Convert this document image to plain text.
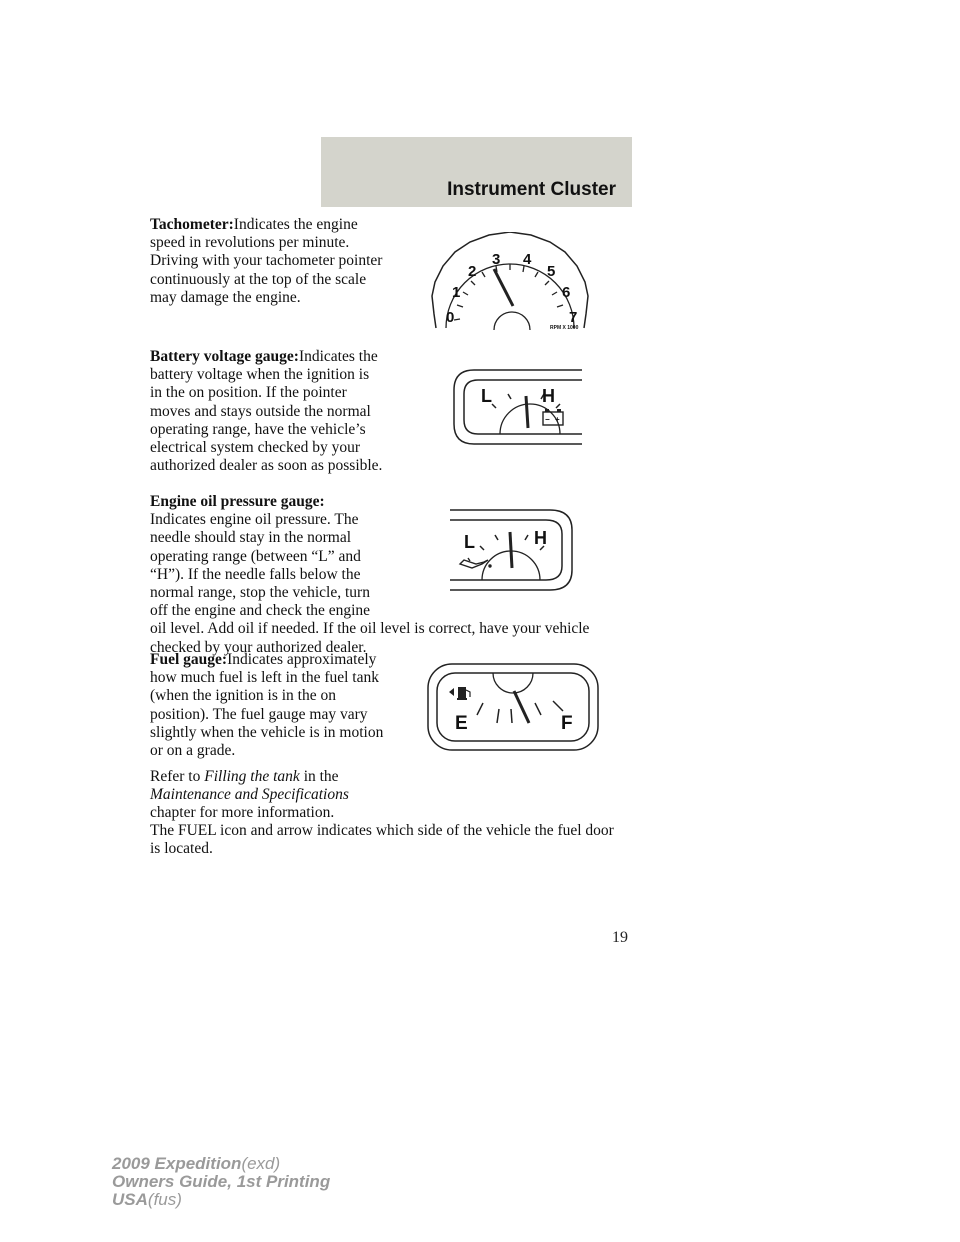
Instrument Cluster

Tachometer:Indicates the engine speed in revolutions per minute. Driving with your tachometer pointer continuously at the top of the scale may damage the engine.

0
1
2
3 4
5
6
7
RPM X 1000

Battery voltage gauge:Indicates the battery voltage when the ignition is in the on position. If the pointer moves and stays outside the normal operating range, have the vehicle’s electrical system checked by your authorized dealer as soon as possible.

L	H
− +

Engine oil pressure gauge:
Indicates engine oil pressure. The needle should stay in the normal operating range (between “L” and “H”). If the needle falls below the normal range, stop the vehicle, turn off the engine and check the engine oil level. Add oil if needed. If the oil level is correct, have your vehicle checked by your authorized dealer.

L	H

Fuel gauge:Indicates approximately how much fuel is left in the fuel tank (when the ignition is in the on position). The fuel gauge may vary slightly when the vehicle is in motion or on a grade.

Refer to Filling the tank in the Maintenance and Specifications chapter for more information.

The FUEL icon and arrow indicates which side of the vehicle the fuel door is located.

E	F
19
2009 Expedition(exd)
Owners Guide, 1st Printing
USA(fus)
